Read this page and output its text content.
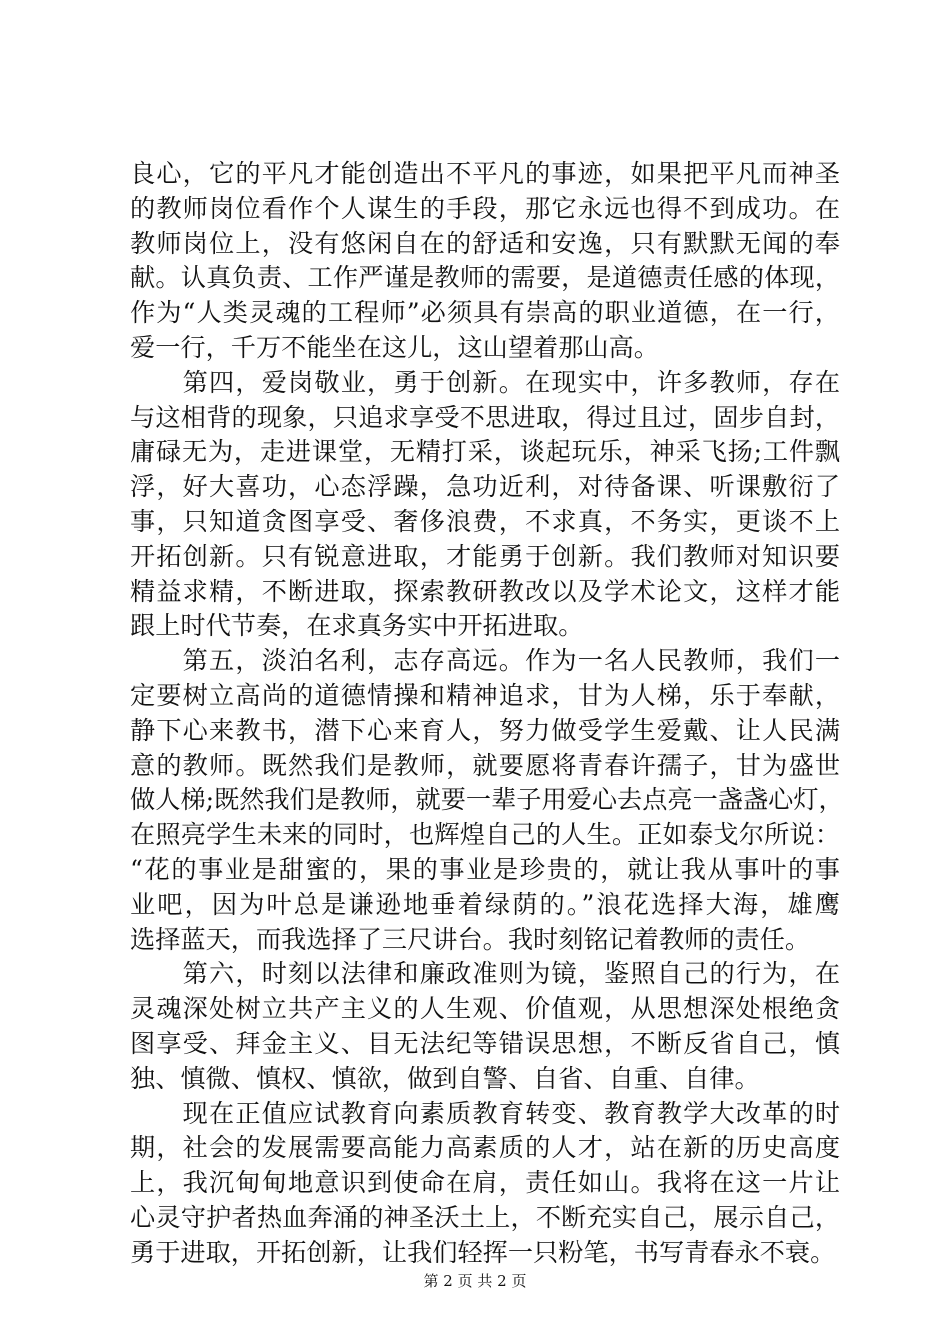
良心，它的平凡才能创造出不平凡的事迹，如果把平凡而神圣
的教师岗位看作个人谋生的手段，那它永远也得不到成功。在
教师岗位上，没有悠闲自在的舒适和安逸，只有默默无闻的奉
献。认真负责、工作严谨是教师的需要，是道德责任感的体现，
作为“人类灵魂的工程师”必须具有崇高的职业道德，在一行，
爱一行，千万不能坐在这儿，这山望着那山高。
　　第四，爱岗敬业，勇于创新。在现实中，许多教师，存在
与这相背的现象，只追求享受不思进取，得过且过，固步自封，
庸碌无为，走进课堂，无精打采，谈起玩乐，神采飞扬;工件飘
浮，好大喜功，心态浮躁，急功近利，对待备课、听课敷衍了
事，只知道贪图享受、奢侈浪费，不求真，不务实，更谈不上
开拓创新。只有锐意进取，才能勇于创新。我们教师对知识要
精益求精，不断进取，探索教研教改以及学术论文，这样才能
跟上时代节奏，在求真务实中开拓进取。
　　第五，淡泊名利，志存高远。作为一名人民教师，我们一
定要树立高尚的道德情操和精神追求，甘为人梯，乐于奉献，
静下心来教书，潜下心来育人，努力做受学生爱戴、让人民满
意的教师。既然我们是教师，就要愿将青春许孺子，甘为盛世
做人梯;既然我们是教师，就要一辈子用爱心去点亮一盏盏心灯，
在照亮学生未来的同时，也辉煌自己的人生。正如泰戈尔所说：
“花的事业是甜蜜的，果的事业是珍贵的，就让我从事叶的事
业吧，因为叶总是谦逊地垂着绿荫的。”浪花选择大海，雄鹰
选择蓝天，而我选择了三尺讲台。我时刻铭记着教师的责任。
　　第六，时刻以法律和廉政准则为镜，鉴照自己的行为，在
灵魂深处树立共产主义的人生观、价值观，从思想深处根绝贪
图享受、拜金主义、目无法纪等错误思想，不断反省自己，慎
独、慎微、慎权、慎欲，做到自警、自省、自重、自律。
　　现在正值应试教育向素质教育转变、教育教学大改革的时
期，社会的发展需要高能力高素质的人才，站在新的历史高度
上，我沉甸甸地意识到使命在肩，责任如山。我将在这一片让
心灵守护者热血奔涌的神圣沃土上，不断充实自己，展示自己，
勇于进取，开拓创新，让我们轻挥一只粉笔，书写青春永不衰。
第 2 页 共 2 页
